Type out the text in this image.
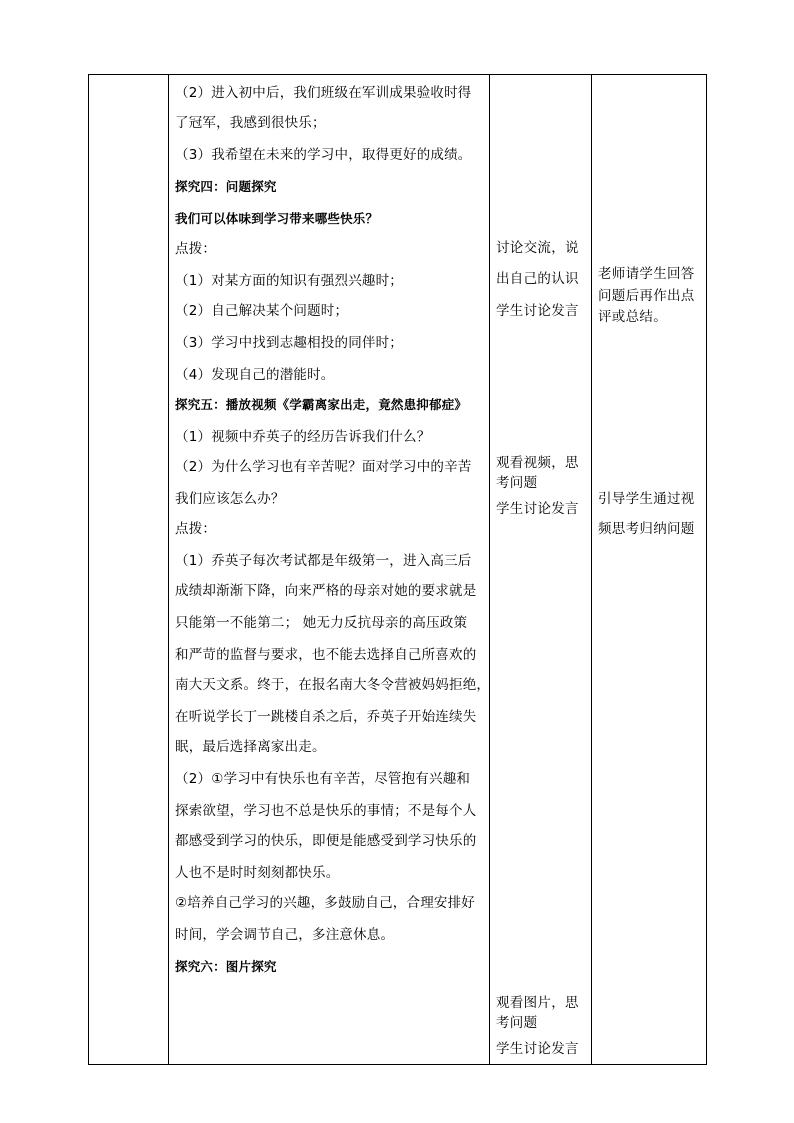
（2）进入初中后，我们班级在军训成果验收时得
了冠军，我感到很快乐；
（3）我希望在未来的学习中，取得更好的成绩。
探究四：问题探究
我们可以体味到学习带来哪些快乐？
点拨：
（1）对某方面的知识有强烈兴趣时；
（2）自己解决某个问题时；
（3）学习中找到志趣相投的同伴时；
（4）发现自己的潜能时。
探究五：播放视频《学霸离家出走，竟然患抑郁症》
（1）视频中乔英子的经历告诉我们什么？
（2）为什么学习也有辛苦呢？面对学习中的辛苦
我们应该怎么办？
点拨：
（1）乔英子每次考试都是年级第一，进入高三后
成绩却渐渐下降，向来严格的母亲对她的要求就是
只能第一不能第二； 她无力反抗母亲的高压政策
和严苛的监督与要求，也不能去选择自己所喜欢的
南大天文系。终于，在报名南大冬令营被妈妈拒绝，
在听说学长丁一跳楼自杀之后，乔英子开始连续失
眠，最后选择离家出走。
（2）①学习中有快乐也有辛苦，尽管抱有兴趣和
探索欲望，学习也不总是快乐的事情；不是每个人
都感受到学习的快乐，即便是能感受到学习快乐的
人也不是时时刻刻都快乐。
②培养自己学习的兴趣，多鼓励自己，合理安排好
时间，学会调节自己，多注意休息。
探究六：图片探究
讨论交流，说
出自己的认识
学生讨论发言
观看视频，思
考问题
学生讨论发言
观看图片，思
考问题
学生讨论发言
老师请学生回答
问题后再作出点
评或总结。
引导学生通过视
频思考归纳问题
